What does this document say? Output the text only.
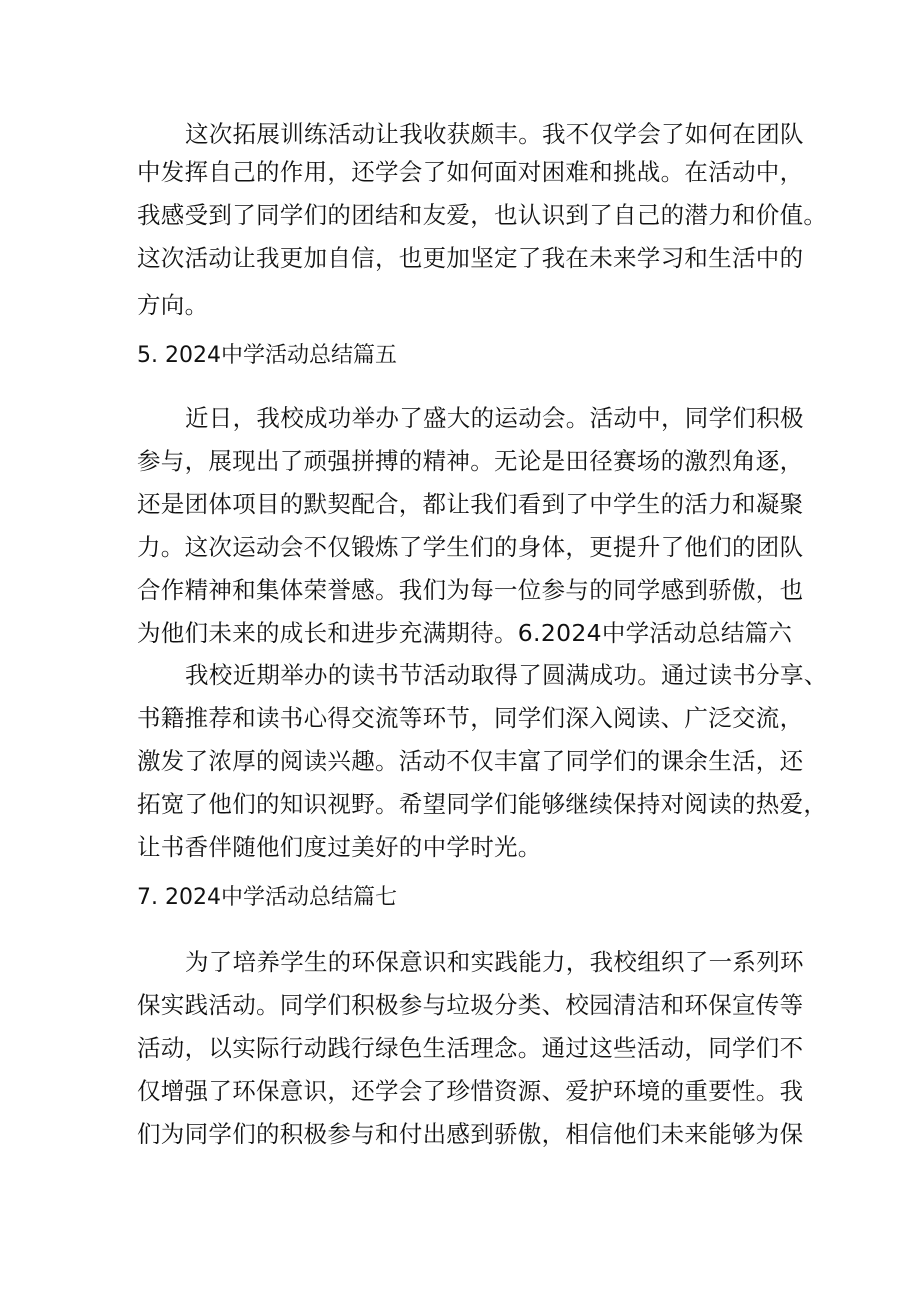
这次拓展训练活动让我收获颇丰。我不仅学会了如何在团队
中发挥自己的作用，还学会了如何面对困难和挑战。在活动中，
我感受到了同学们的团结和友爱，也认识到了自己的潜力和价值。
这次活动让我更加自信，也更加坚定了我在未来学习和生活中的
方向。
5. 2024中学活动总结篇五
近日，我校成功举办了盛大的运动会。活动中，同学们积极
参与，展现出了顽强拼搏的精神。无论是田径赛场的激烈角逐，
还是团体项目的默契配合，都让我们看到了中学生的活力和凝聚
力。这次运动会不仅锻炼了学生们的身体，更提升了他们的团队
合作精神和集体荣誉感。我们为每一位参与的同学感到骄傲，也
为他们未来的成长和进步充满期待。6.2024中学活动总结篇六
我校近期举办的读书节活动取得了圆满成功。通过读书分享、
书籍推荐和读书心得交流等环节，同学们深入阅读、广泛交流，
激发了浓厚的阅读兴趣。活动不仅丰富了同学们的课余生活，还
拓宽了他们的知识视野。希望同学们能够继续保持对阅读的热爱，
让书香伴随他们度过美好的中学时光。
7. 2024中学活动总结篇七
为了培养学生的环保意识和实践能力，我校组织了一系列环
保实践活动。同学们积极参与垃圾分类、校园清洁和环保宣传等
活动，以实际行动践行绿色生活理念。通过这些活动，同学们不
仅增强了环保意识，还学会了珍惜资源、爱护环境的重要性。我
们为同学们的积极参与和付出感到骄傲，相信他们未来能够为保
